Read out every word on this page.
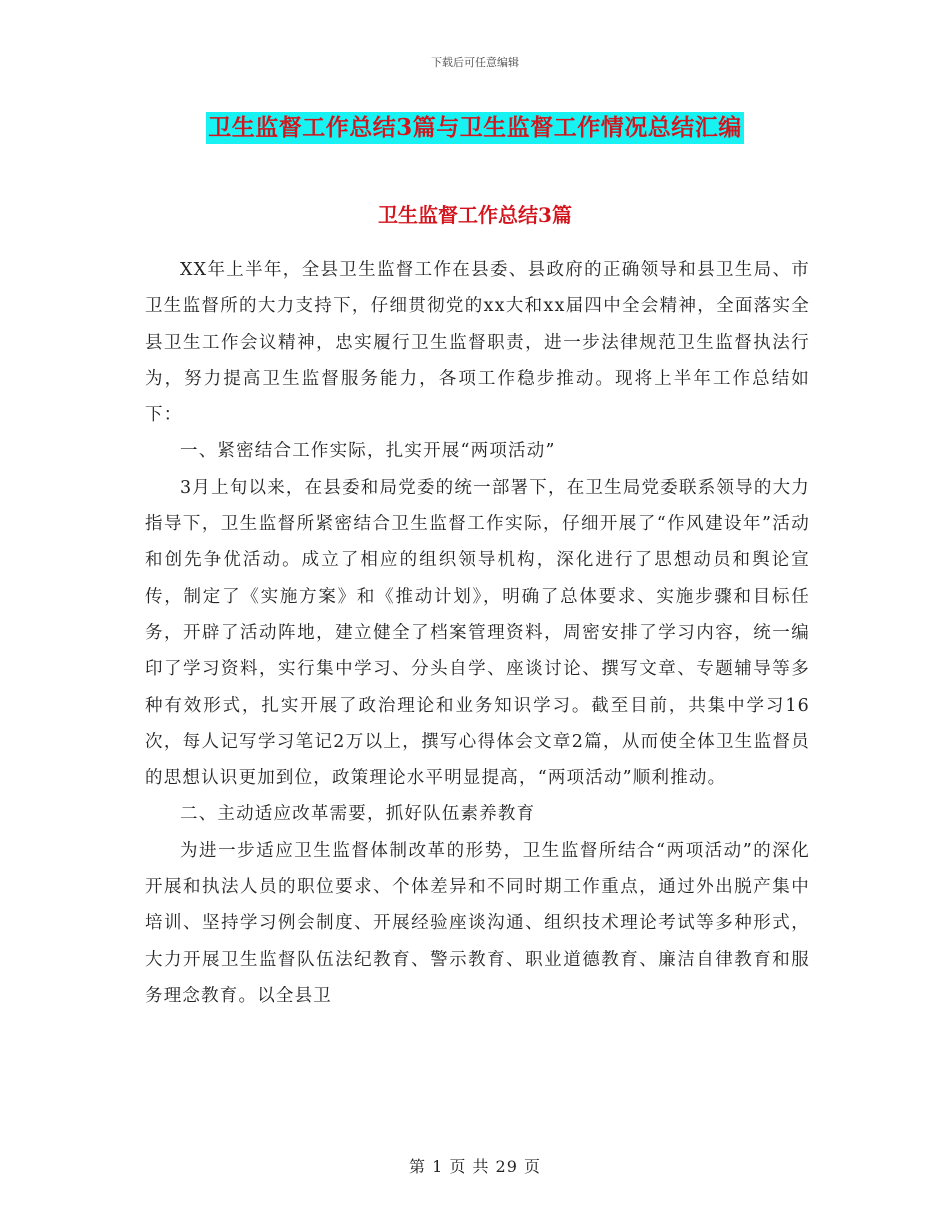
下载后可任意编辑
卫生监督工作总结3篇与卫生监督工作情况总结汇编
卫生监督工作总结3篇

XX年上半年，全县卫生监督工作在县委、县政府的正确领导和县卫生局、市卫生监督所的大力支持下，仔细贯彻党的xx大和xx届四中全会精神，全面落实全县卫生工作会议精神，忠实履行卫生监督职责，进一步法律规范卫生监督执法行为，努力提高卫生监督服务能力，各项工作稳步推动。现将上半年工作总结如下：

一、紧密结合工作实际，扎实开展“两项活动”

3月上旬以来，在县委和局党委的统一部署下，在卫生局党委联系领导的大力指导下，卫生监督所紧密结合卫生监督工作实际，仔细开展了“作风建设年”活动和创先争优活动。成立了相应的组织领导机构，深化进行了思想动员和舆论宣传，制定了《实施方案》和《推动计划》，明确了总体要求、实施步骤和目标任务，开辟了活动阵地，建立健全了档案管理资料，周密安排了学习内容，统一编印了学习资料，实行集中学习、分头自学、座谈讨论、撰写文章、专题辅导等多种有效形式，扎实开展了政治理论和业务知识学习。截至目前，共集中学习16次，每人记写学习笔记2万以上，撰写心得体会文章2篇，从而使全体卫生监督员的思想认识更加到位，政策理论水平明显提高，“两项活动”顺利推动。

二、主动适应改革需要，抓好队伍素养教育

为进一步适应卫生监督体制改革的形势，卫生监督所结合“两项活动”的深化开展和执法人员的职位要求、个体差异和不同时期工作重点，通过外出脱产集中培训、坚持学习例会制度、开展经验座谈沟通、组织技术理论考试等多种形式，大力开展卫生监督队伍法纪教育、警示教育、职业道德教育、廉洁自律教育和服务理念教育。以全县卫

第 1 页 共 29 页
